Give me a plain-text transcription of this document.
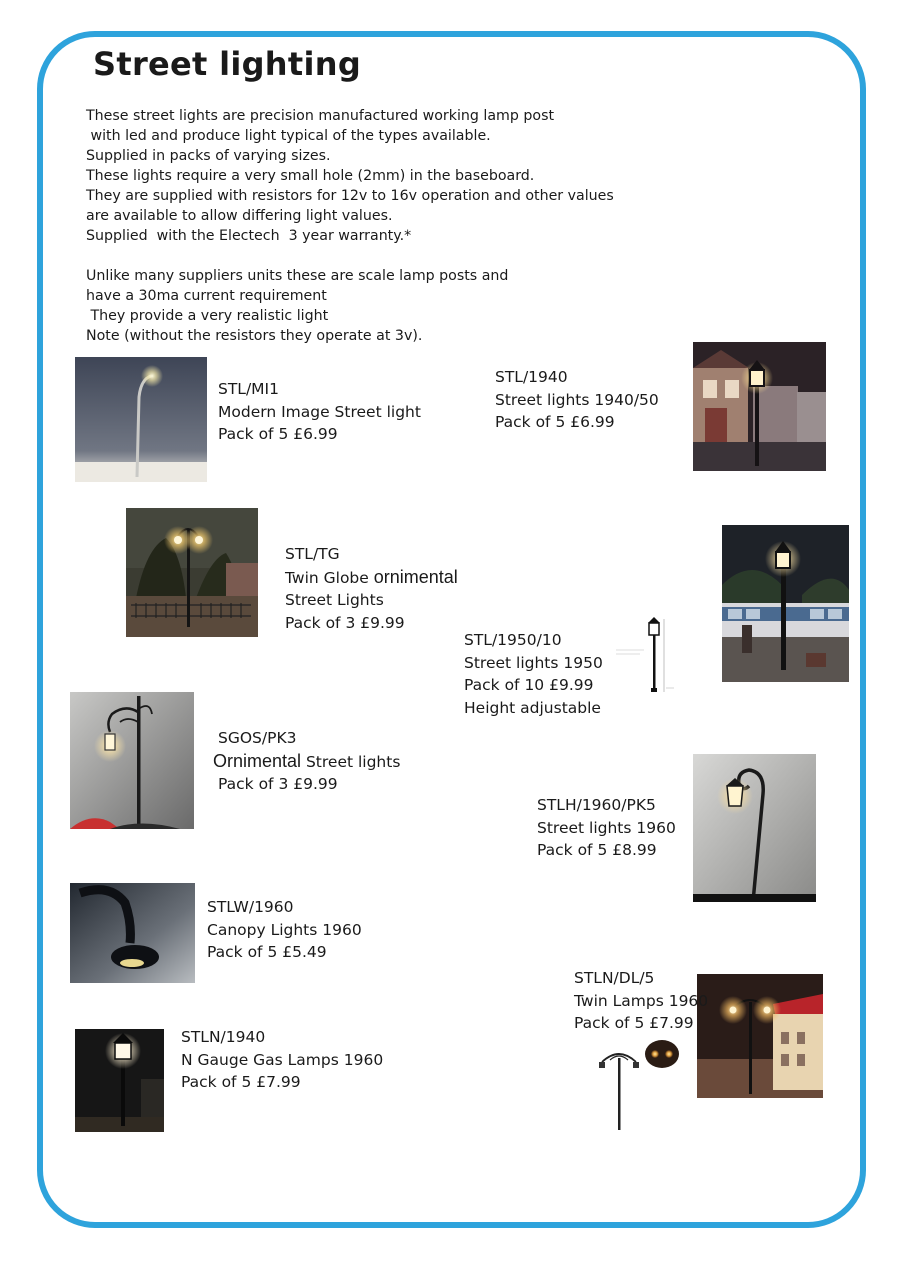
Street lighting
These street lights are precision manufactured working lamp post
with led and produce light typical of the types available.
Supplied in packs of varying sizes.
These lights require a very small hole (2mm) in the baseboard.
They are supplied with resistors for 12v to 16v operation and other values
are available to allow differing light values.
Supplied  with the Electech  3 year warranty.*
Unlike many suppliers units these are scale lamp posts and
have a 30ma current requirement
They provide a very realistic light
Note (without the resistors they operate at 3v).
STL/MI1
Modern Image Street light
Pack of 5 £6.99
STL/1940
Street lights 1940/50
Pack of 5 £6.99
STL/TG
Twin Globe ornimental
Street Lights
Pack of 3 £9.99
STL/1950/10
Street lights 1950
Pack of 10 £9.99
Height adjustable
SGOS/PK3
Ornimental Street lights
Pack of 3 £9.99
STLH/1960/PK5
Street lights 1960
Pack of 5 £8.99
STLW/1960
Canopy Lights 1960
Pack of 5 £5.49
STLN/DL/5
Twin Lamps 1960
Pack of 5 £7.99
STLN/1940
N Gauge Gas Lamps 1960
Pack of 5 £7.99
